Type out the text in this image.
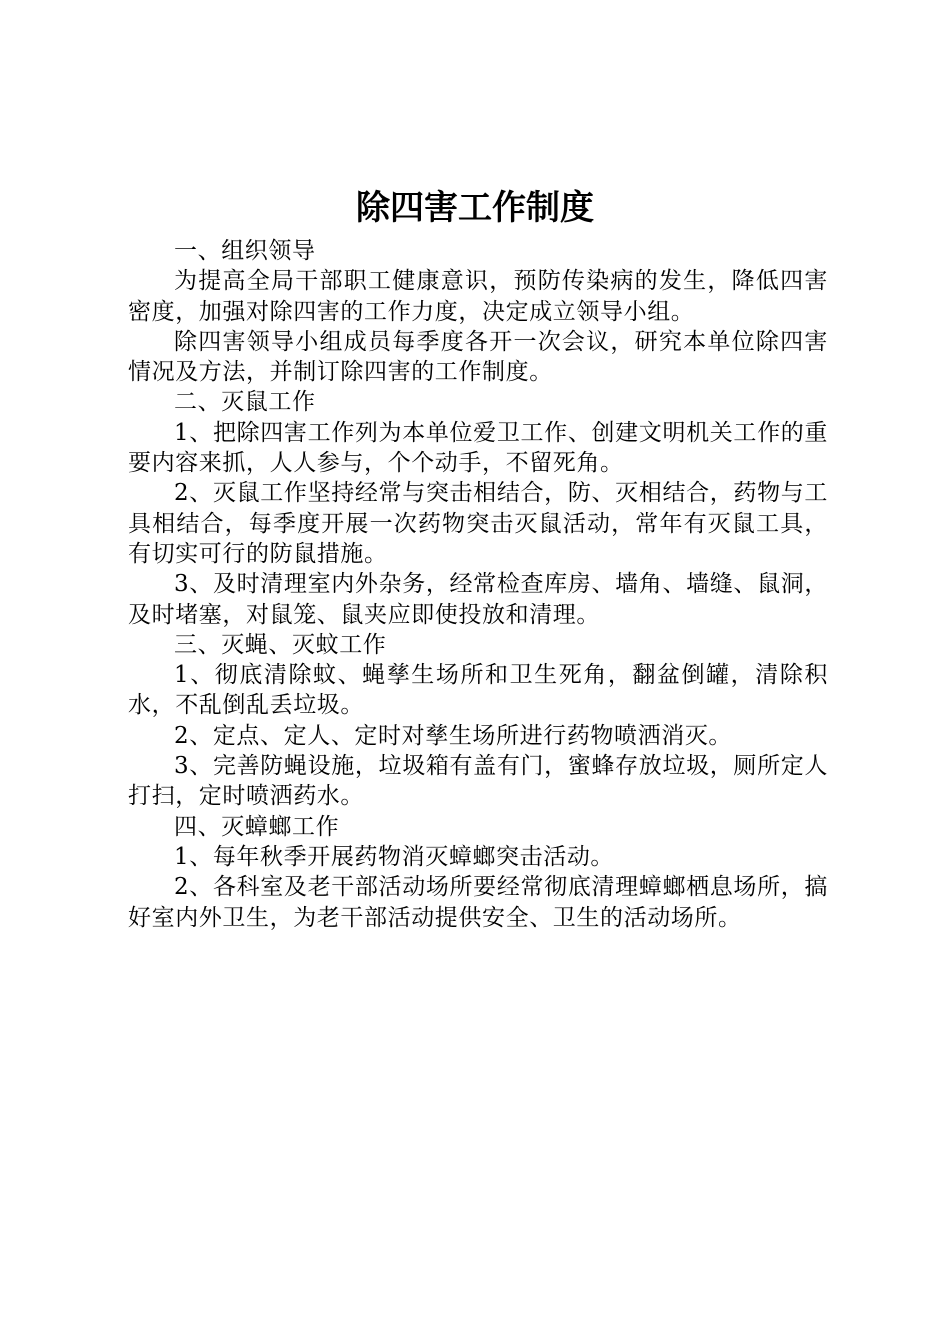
除四害工作制度

一、组织领导

为提高全局干部职工健康意识，预防传染病的发生，降低四害密度，加强对除四害的工作力度，决定成立领导小组。

除四害领导小组成员每季度各开一次会议，研究本单位除四害情况及方法，并制订除四害的工作制度。

二、灭鼠工作

1、把除四害工作列为本单位爱卫工作、创建文明机关工作的重要内容来抓，人人参与，个个动手，不留死角。

2、灭鼠工作坚持经常与突击相结合，防、灭相结合，药物与工具相结合，每季度开展一次药物突击灭鼠活动，常年有灭鼠工具，有切实可行的防鼠措施。

3、及时清理室内外杂务，经常检查库房、墙角、墙缝、鼠洞，及时堵塞，对鼠笼、鼠夹应即使投放和清理。

三、灭蝇、灭蚊工作

1、彻底清除蚊、蝇孳生场所和卫生死角，翻盆倒罐，清除积水，不乱倒乱丢垃圾。

2、定点、定人、定时对孳生场所进行药物喷洒消灭。

3、完善防蝇设施，垃圾箱有盖有门，蜜蜂存放垃圾，厕所定人打扫，定时喷洒药水。

四、灭蟑螂工作

1、每年秋季开展药物消灭蟑螂突击活动。

2、各科室及老干部活动场所要经常彻底清理蟑螂栖息场所，搞好室内外卫生，为老干部活动提供安全、卫生的活动场所。
